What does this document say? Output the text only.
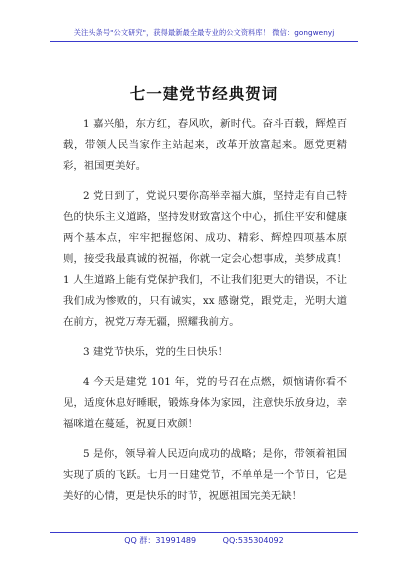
关注头条号"公文研究"，获得最新最全最专业的公文资料库！ 微信：gongwenyj
七一建党节经典贺词

1 嘉兴船，东方红，春风吹，新时代。奋斗百载，辉煌百载，带领人民当家作主站起来，改革开放富起来。愿党更精彩，祖国更美好。

2 党日到了，党说只要你高举幸福大旗，坚持走有自己特色的快乐主义道路，坚持发财致富这个中心，抓住平安和健康两个基本点，牢牢把握悠闲、成功、精彩、辉煌四项基本原则，接受我最真诚的祝福，你就一定会心想事成，美梦成真！1 人生道路上能有党保护我们，不让我们犯更大的错误，不让我们成为惨败的，只有诚实，xx 感谢党，跟党走，光明大道在前方，祝党万寿无疆，照耀我前方。

3 建党节快乐，党的生日快乐！

4 今天是建党 101 年，党的号召在点燃，烦恼请你看不见，适度休息好睡眠，锻炼身体为家园，注意快乐放身边，幸福咪道在蔓延，祝夏日欢颜！

5 是你，领导着人民迈向成功的战略；是你，带领着祖国实现了质的飞跃。七月一日建党节，不单单是一个节日，它是美好的心情，更是快乐的时节，祝愿祖国完美无缺！

QQ 群：31991489	QQ:535304092
